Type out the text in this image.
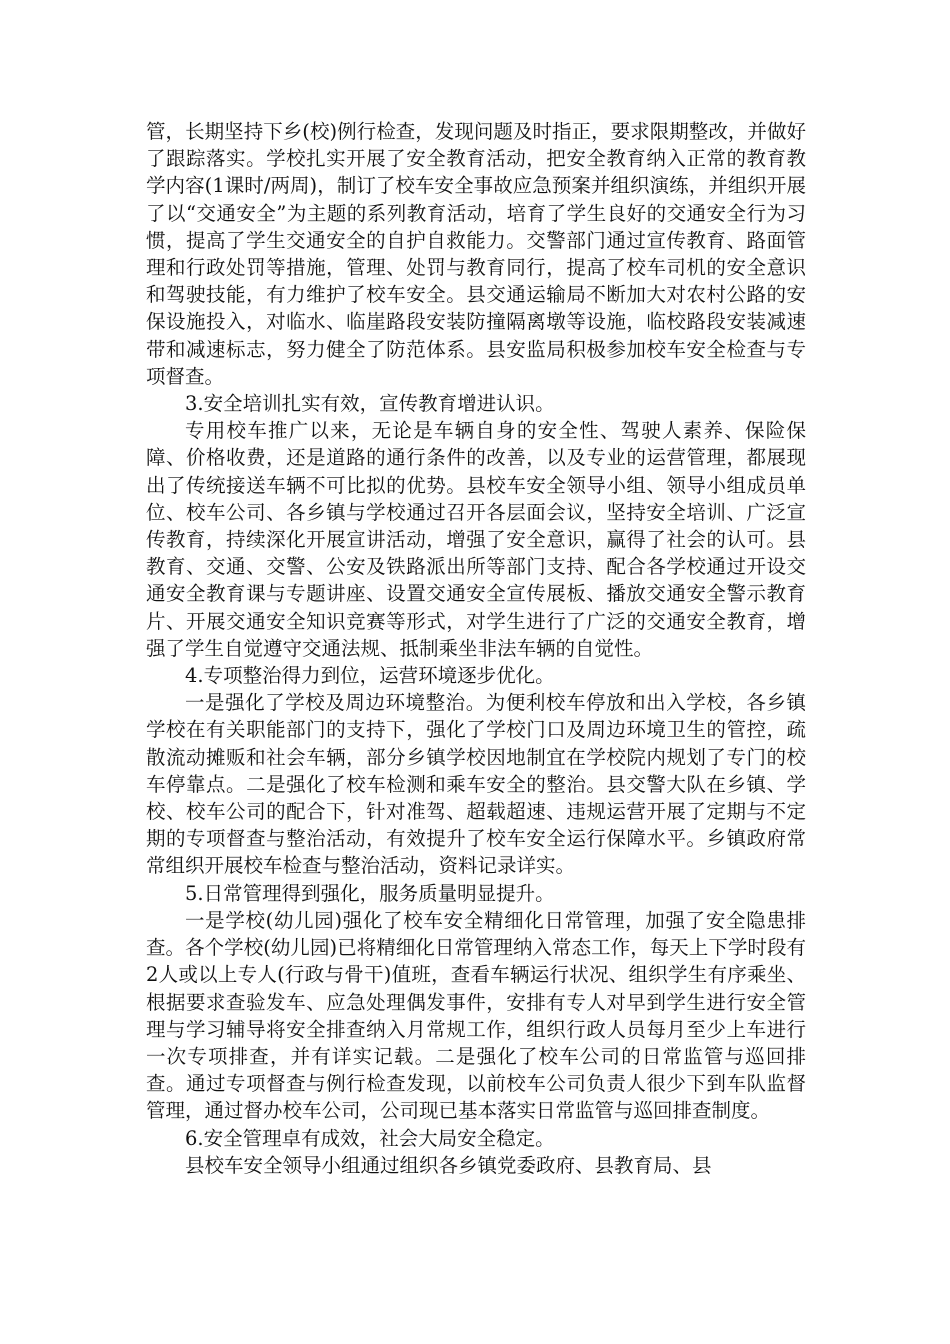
管，长期坚持下乡(校)例行检查，发现问题及时指正，要求限期整改，并做好了跟踪落实。学校扎实开展了安全教育活动，把安全教育纳入正常的教育教学内容(1课时/两周)，制订了校车安全事故应急预案并组织演练，并组织开展了以“交通安全”为主题的系列教育活动，培育了学生良好的交通安全行为习惯，提高了学生交通安全的自护自救能力。交警部门通过宣传教育、路面管理和行政处罚等措施，管理、处罚与教育同行，提高了校车司机的安全意识和驾驶技能，有力维护了校车安全。县交通运输局不断加大对农村公路的安保设施投入，对临水、临崖路段安装防撞隔离墩等设施，临校路段安装减速带和减速标志，努力健全了防范体系。县安监局积极参加校车安全检查与专项督查。

3.安全培训扎实有效，宣传教育增进认识。

专用校车推广以来，无论是车辆自身的安全性、驾驶人素养、保险保障、价格收费，还是道路的通行条件的改善，以及专业的运营管理，都展现出了传统接送车辆不可比拟的优势。县校车安全领导小组、领导小组成员单位、校车公司、各乡镇与学校通过召开各层面会议，坚持安全培训、广泛宣传教育，持续深化开展宣讲活动，增强了安全意识，赢得了社会的认可。县教育、交通、交警、公安及铁路派出所等部门支持、配合各学校通过开设交通安全教育课与专题讲座、设置交通安全宣传展板、播放交通安全警示教育片、开展交通安全知识竞赛等形式，对学生进行了广泛的交通安全教育，增强了学生自觉遵守交通法规、抵制乘坐非法车辆的自觉性。

4.专项整治得力到位，运营环境逐步优化。

一是强化了学校及周边环境整治。为便利校车停放和出入学校，各乡镇学校在有关职能部门的支持下，强化了学校门口及周边环境卫生的管控，疏散流动摊贩和社会车辆，部分乡镇学校因地制宜在学校院内规划了专门的校车停靠点。二是强化了校车检测和乘车安全的整治。县交警大队在乡镇、学校、校车公司的配合下，针对准驾、超载超速、违规运营开展了定期与不定期的专项督查与整治活动，有效提升了校车安全运行保障水平。乡镇政府常常组织开展校车检查与整治活动，资料记录详实。

5.日常管理得到强化，服务质量明显提升。

一是学校(幼儿园)强化了校车安全精细化日常管理，加强了安全隐患排查。各个学校(幼儿园)已将精细化日常管理纳入常态工作，每天上下学时段有2人或以上专人(行政与骨干)值班，查看车辆运行状况、组织学生有序乘坐、根据要求查验发车、应急处理偶发事件，安排有专人对早到学生进行安全管理与学习辅导将安全排查纳入月常规工作，组织行政人员每月至少上车进行一次专项排查，并有详实记载。二是强化了校车公司的日常监管与巡回排查。通过专项督查与例行检查发现，以前校车公司负责人很少下到车队监督管理，通过督办校车公司，公司现已基本落实日常监管与巡回排查制度。

6.安全管理卓有成效，社会大局安全稳定。

县校车安全领导小组通过组织各乡镇党委政府、县教育局、县
